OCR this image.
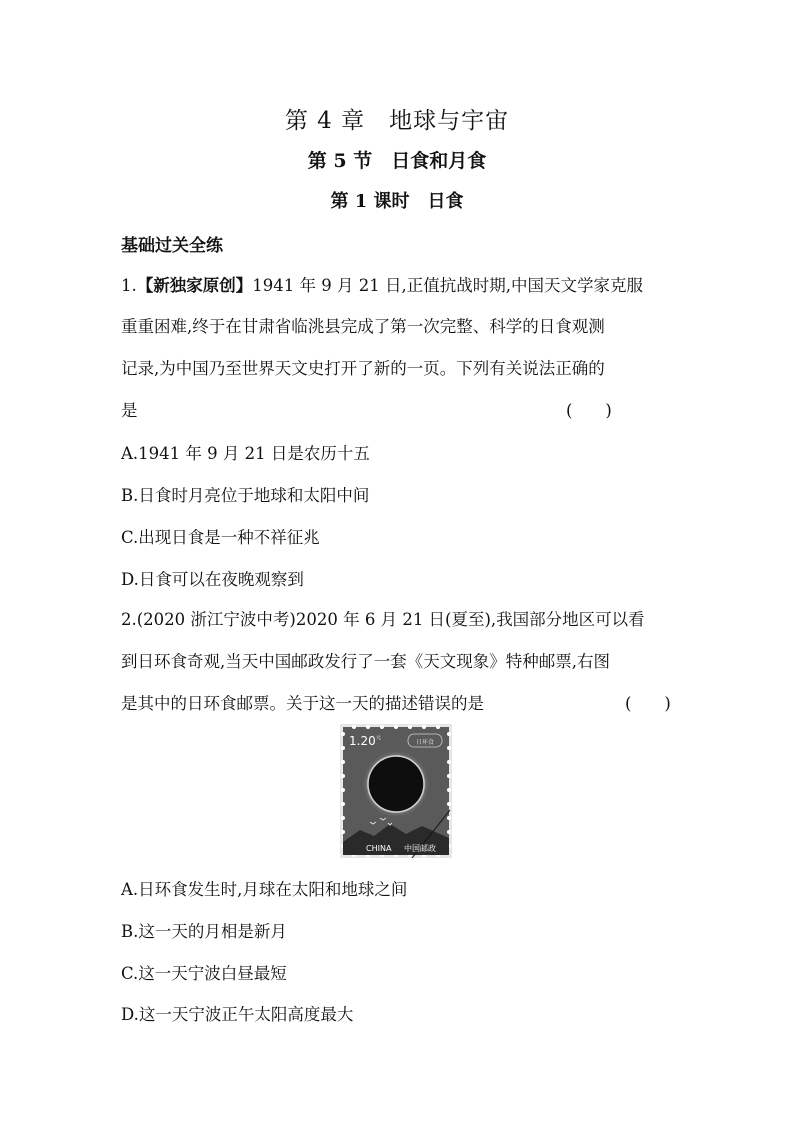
第 4 章　地球与宇宙
第 5 节　日食和月食
第 1 课时　日食
基础过关全练
1.【新独家原创】1941 年 9 月 21 日,正值抗战时期,中国天文学家克服
重重困难,终于在甘肃省临洮县完成了第一次完整、科学的日食观测
记录,为中国乃至世界天文史打开了新的一页。下列有关说法正确的
是	(　　)
A.1941 年 9 月 21 日是农历十五
B.日食时月亮位于地球和太阳中间
C.出现日食是一种不祥征兆
D.日食可以在夜晚观察到
2.(2020 浙江宁波中考)2020 年 6 月 21 日(夏至),我国部分地区可以看
到日环食奇观,当天中国邮政发行了一套《天文现象》特种邮票,右图
是其中的日环食邮票。关于这一天的描述错误的是	(　　)
日环食
1.20 元
CHINA 中国邮政
A.日环食发生时,月球在太阳和地球之间
B.这一天的月相是新月
C.这一天宁波白昼最短
D.这一天宁波正午太阳高度最大
